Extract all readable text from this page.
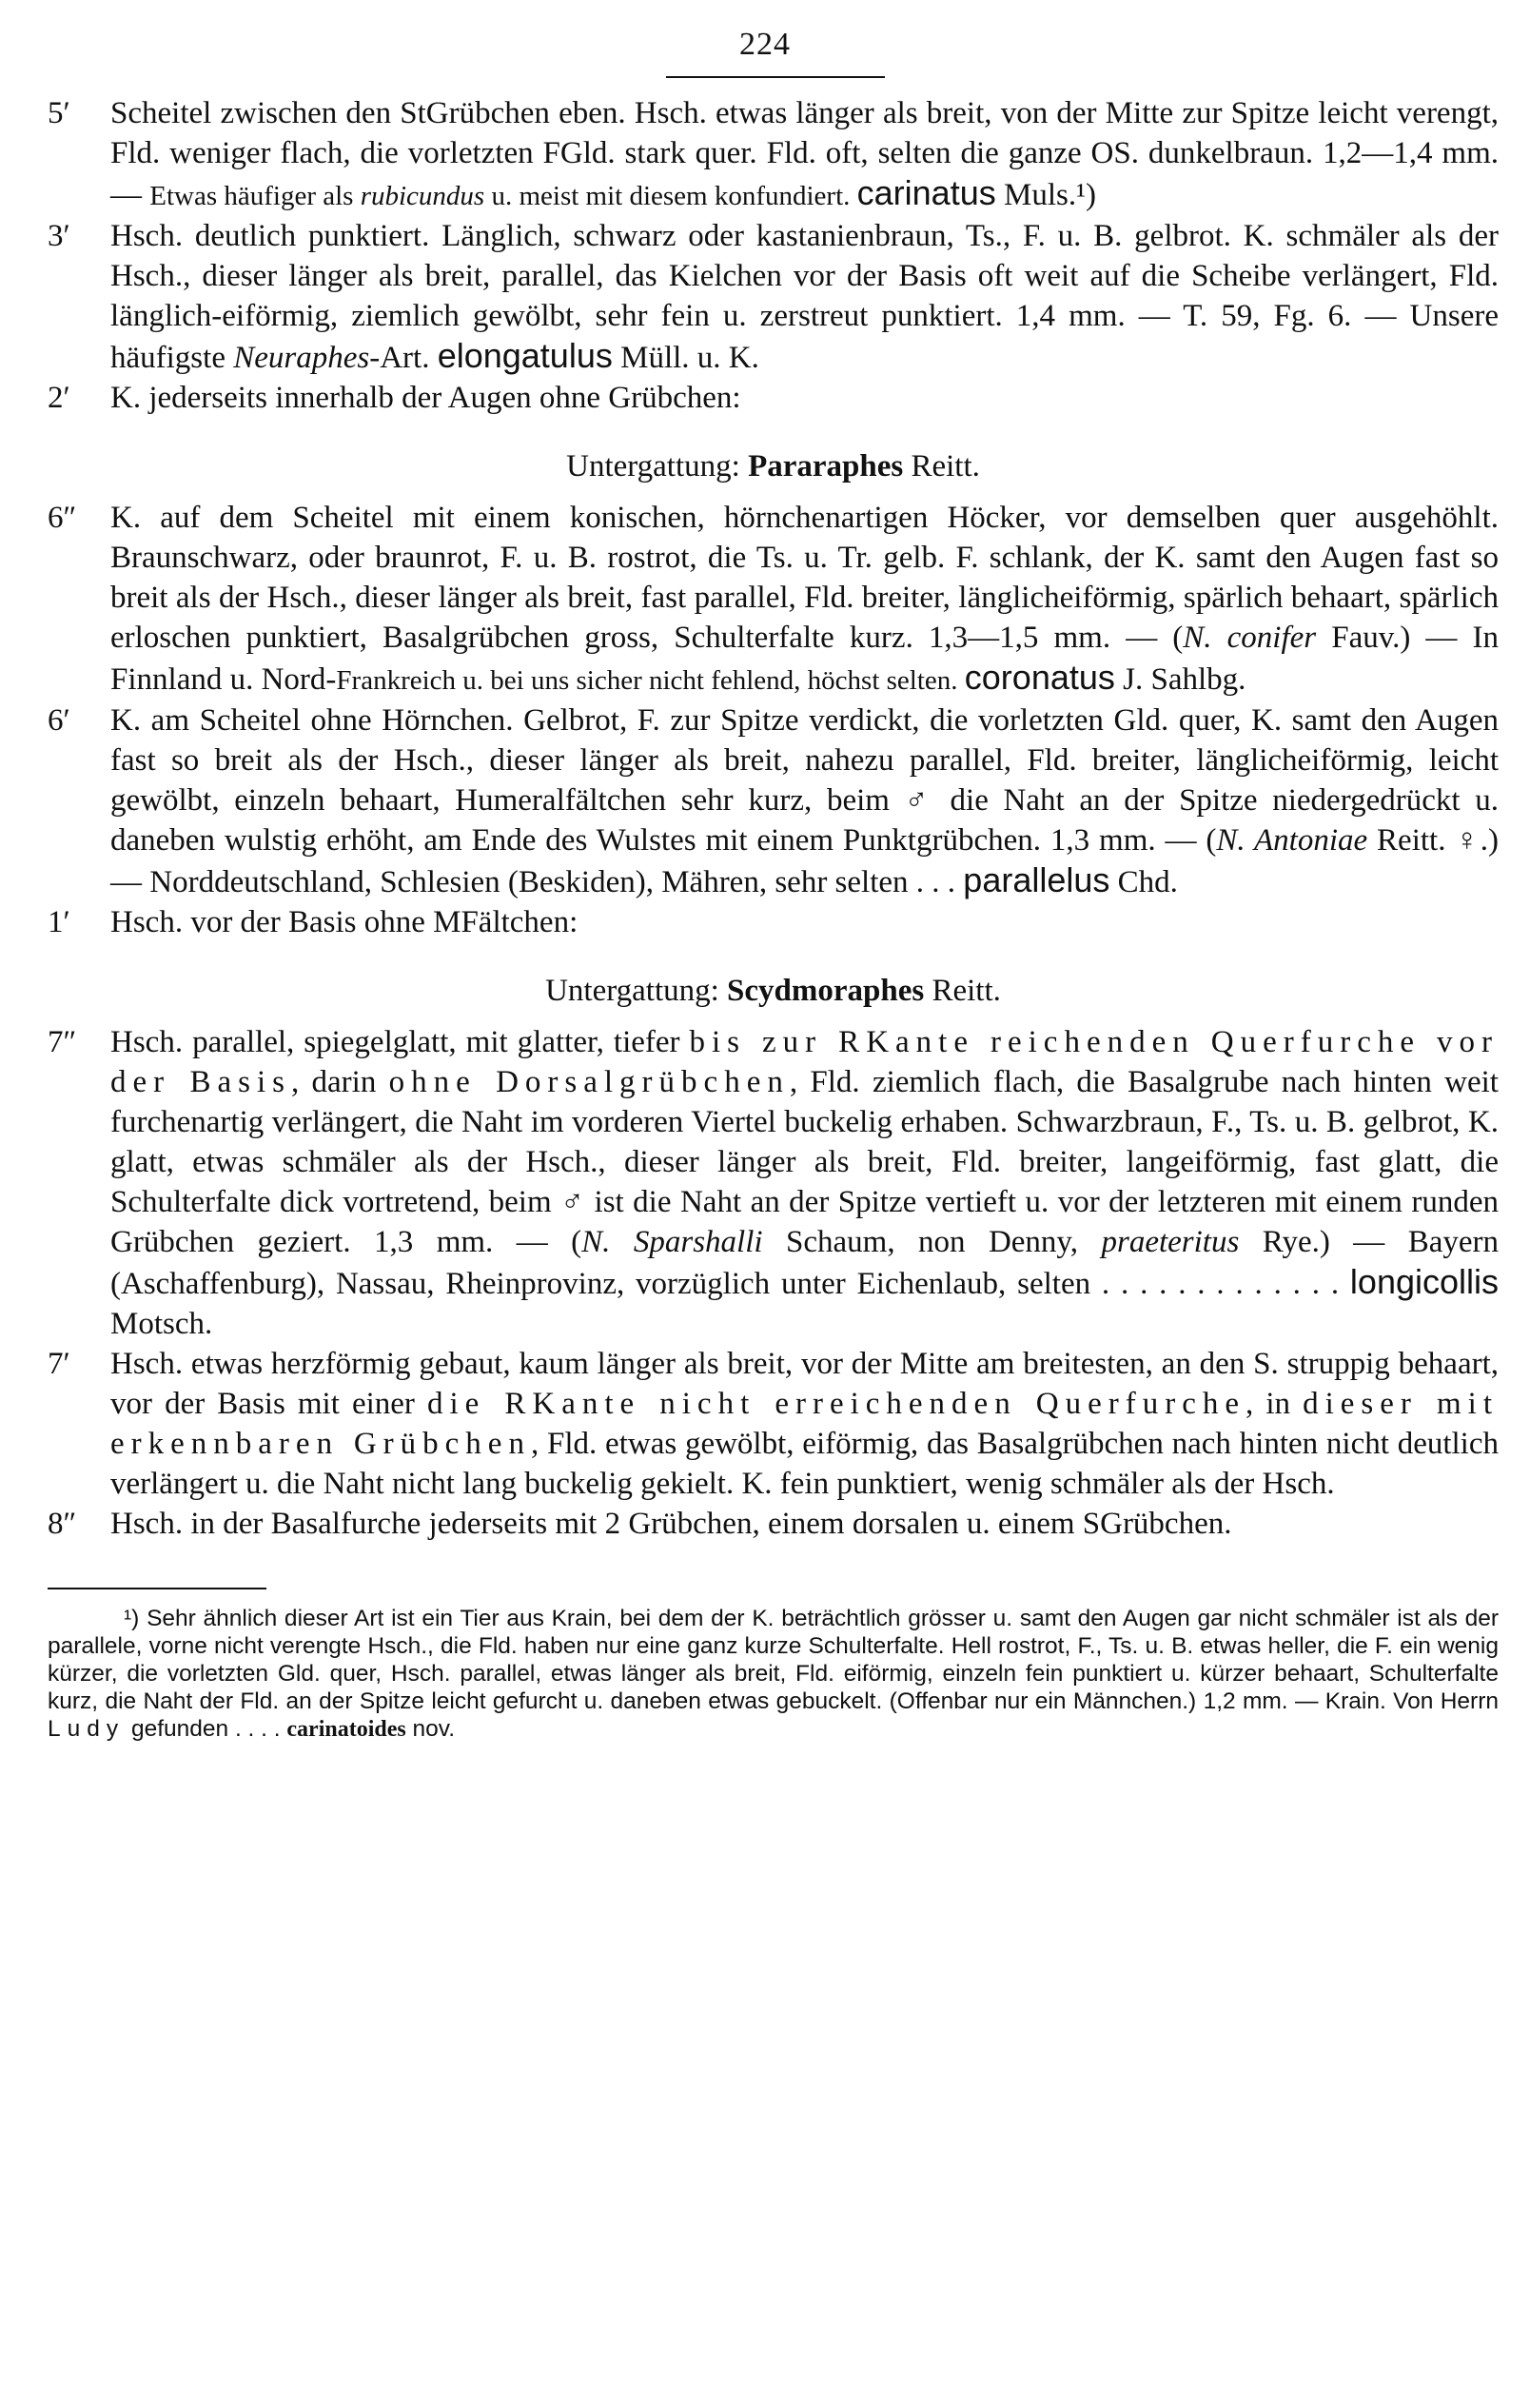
224
5′	Scheitel zwischen den StGrübchen eben. Hsch. etwas länger als breit, von der Mitte zur Spitze leicht verengt, Fld. weniger flach, die vorletzten FGld. stark quer. Fld. oft, selten die ganze OS. dunkelbraun. 1,2—1,4 mm. — Etwas häufiger als rubicundus u. meist mit diesem konfundiert. carinatus Muls.¹)
3′	Hsch. deutlich punktiert. Länglich, schwarz oder kastanienbraun, Ts., F. u. B. gelbrot. K. schmäler als der Hsch., dieser länger als breit, parallel, das Kielchen vor der Basis oft weit auf die Scheibe verlängert, Fld. länglich-eiförmig, ziemlich gewölbt, sehr fein u. zerstreut punktiert. 1,4 mm. — T. 59, Fg. 6. — Unsere häufigste Neuraphes-Art. elongatulus Müll. u. K.
2′	K. jederseits innerhalb der Augen ohne Grübchen:
Untergattung: Pararaphes Reitt.
6″	K. auf dem Scheitel mit einem konischen, hörnchenartigen Höcker, vor demselben quer ausgehöhlt. Braunschwarz, oder braunrot, F. u. B. rostrot, die Ts. u. Tr. gelb. F. schlank, der K. samt den Augen fast so breit als der Hsch., dieser länger als breit, fast parallel, Fld. breiter, länglicheiförmig, spärlich behaart, spärlich erloschen punktiert, Basalgrübchen gross, Schulterfalte kurz. 1,3—1,5 mm. — (N. conifer Fauv.) — In Finnland u. Nord-Frankreich u. bei uns sicher nicht fehlend, höchst selten. coronatus J. Sahlbg.
6′	K. am Scheitel ohne Hörnchen. Gelbrot, F. zur Spitze verdickt, die vorletzten Gld. quer, K. samt den Augen fast so breit als der Hsch., dieser länger als breit, nahezu parallel, Fld. breiter, länglicheiförmig, leicht gewölbt, einzeln behaart, Humeralfältchen sehr kurz, beim ♂ die Naht an der Spitze niedergedrückt u. daneben wulstig erhöht, am Ende des Wulstes mit einem Punktgrübchen. 1,3 mm. — (N. Antoniae Reitt. ♀.) — Norddeutschland, Schlesien (Beskiden), Mähren, sehr selten . . . parallelus Chd.
1′	Hsch. vor der Basis ohne MFältchen:
Untergattung: Scydmoraphes Reitt.
7″	Hsch. parallel, spiegelglatt, mit glatter, tiefer bis zur RKante reichenden Querfurche vor der Basis, darin ohne Dorsalgrübchen, Fld. ziemlich flach, die Basalgrube nach hinten weit furchenartig verlängert, die Naht im vorderen Viertel buckelig erhaben. Schwarzbraun, F., Ts. u. B. gelbrot, K. glatt, etwas schmäler als der Hsch., dieser länger als breit, Fld. breiter, langeiförmig, fast glatt, die Schulterfalte dick vortretend, beim ♂ ist die Naht an der Spitze vertieft u. vor der letzteren mit einem runden Grübchen geziert. 1,3 mm. — (N. Sparshalli Schaum, non Denny, praeteritus Rye.) — Bayern (Aschaffenburg), Nassau, Rheinprovinz, vorzüglich unter Eichenlaub, selten . . . . . . . . . . . . . longicollis Motsch.
7′	Hsch. etwas herzförmig gebaut, kaum länger als breit, vor der Mitte am breitesten, an den S. struppig behaart, vor der Basis mit einer die RKante nicht erreichenden Querfurche, in dieser mit erkennbaren Grübchen, Fld. etwas gewölbt, eiförmig, das Basalgrübchen nach hinten nicht deutlich verlängert u. die Naht nicht lang buckelig gekielt. K. fein punktiert, wenig schmäler als der Hsch.
8″	Hsch. in der Basalfurche jederseits mit 2 Grübchen, einem dorsalen u. einem SGrübchen.
¹) Sehr ähnlich dieser Art ist ein Tier aus Krain, bei dem der K. beträchtlich grösser u. samt den Augen gar nicht schmäler ist als der parallele, vorne nicht verengte Hsch., die Fld. haben nur eine ganz kurze Schulterfalte. Hell rostrot, F., Ts. u. B. etwas heller, die F. ein wenig kürzer, die vorletzten Gld. quer, Hsch. parallel, etwas länger als breit, Fld. eiförmig, einzeln fein punktiert u. kürzer behaart, Schulterfalte kurz, die Naht der Fld. an der Spitze leicht gefurcht u. daneben etwas gebuckelt. (Offenbar nur ein Männchen.) 1,2 mm. — Krain. Von Herrn Ludy gefunden . . . . carinatoides nov.
